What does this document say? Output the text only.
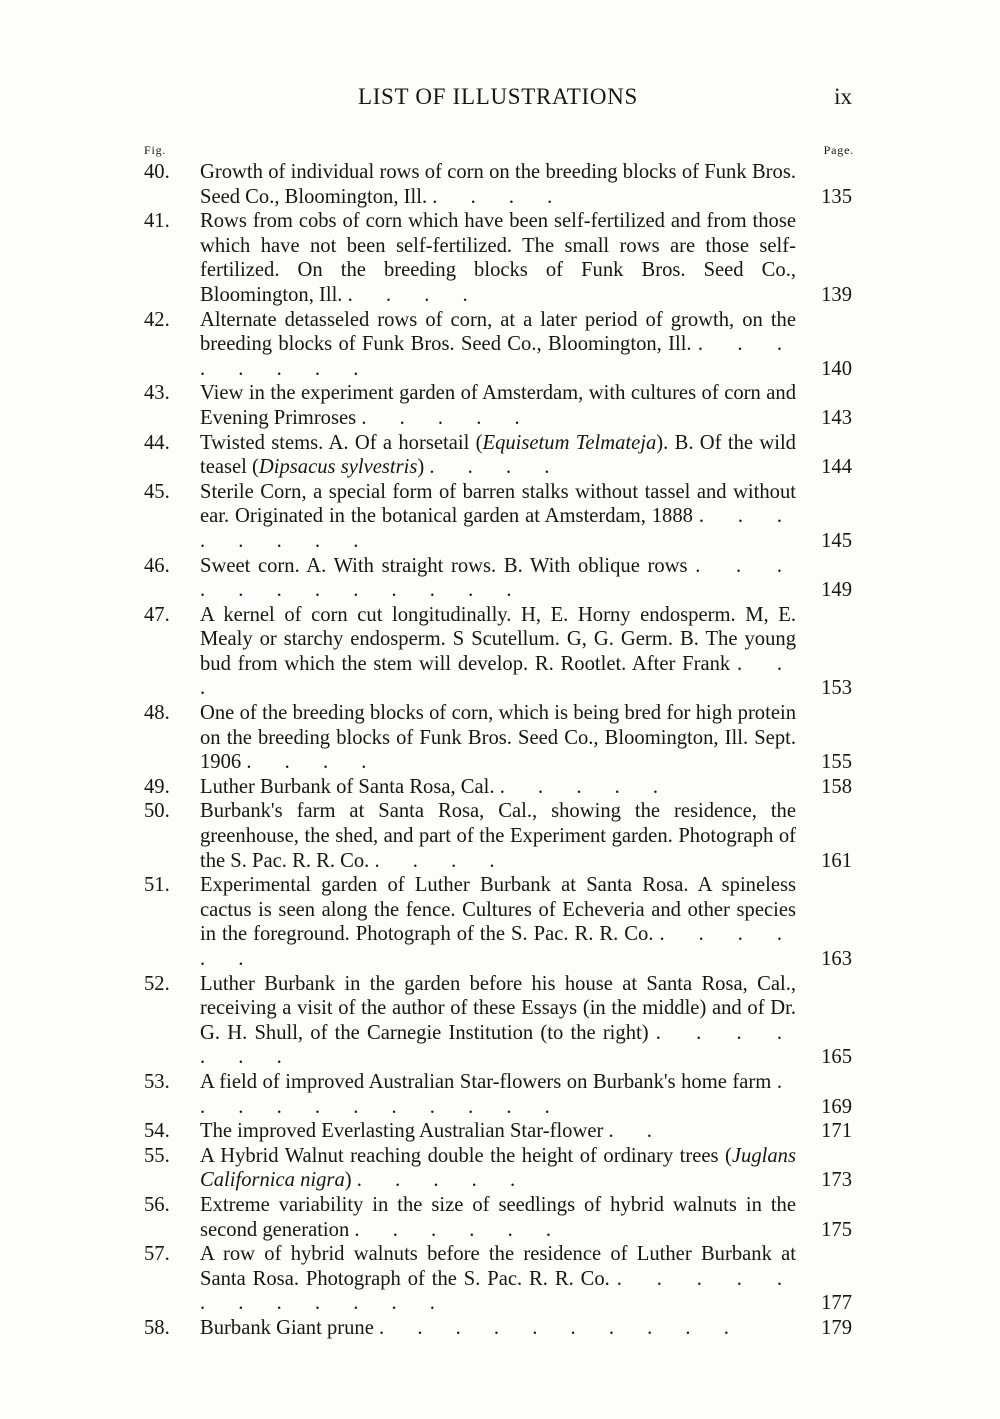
LIST OF ILLUSTRATIONS	ix
Fig.	Page.
40. Growth of individual rows of corn on the breeding blocks of Funk Bros. Seed Co., Bloomington, Ill. . . . .	135
41. Rows from cobs of corn which have been self-fertilized and from those which have not been self-fertilized. The small rows are those self-fertilized. On the breeding blocks of Funk Bros. Seed Co., Bloomington, Ill. . . . .	139
42. Alternate detasseled rows of corn, at a later period of growth, on the breeding blocks of Funk Bros. Seed Co., Bloomington, Ill. . . . . . . . .	140
43. View in the experiment garden of Amsterdam, with cultures of corn and Evening Primroses . . . . .	143
44. Twisted stems. A. Of a horsetail (Equisetum Telmateja). B. Of the wild teasel (Dipsacus sylvestris) . . . .	144
45. Sterile Corn, a special form of barren stalks without tassel and without ear. Originated in the botanical garden at Amsterdam, 1888 . . . . . . . .	145
46. Sweet corn. A. With straight rows. B. With oblique rows . . . . . . . . . . . .	149
47. A kernel of corn cut longitudinally. H, E. Horny endosperm. M, E. Mealy or starchy endosperm. S Scutellum. G, G. Germ. B. The young bud from which the stem will develop. R. Rootlet. After Frank . . .	153
48. One of the breeding blocks of corn, which is being bred for high protein on the breeding blocks of Funk Bros. Seed Co., Bloomington, Ill. Sept. 1906 . . . .	155
49. Luther Burbank of Santa Rosa, Cal. . . . . .	158
50. Burbank's farm at Santa Rosa, Cal., showing the residence, the greenhouse, the shed, and part of the Experiment garden. Photograph of the S. Pac. R. R. Co. . . . .	161
51. Experimental garden of Luther Burbank at Santa Rosa. A spineless cactus is seen along the fence. Cultures of Echeveria and other species in the foreground. Photograph of the S. Pac. R. R. Co. . . . . . .	163
52. Luther Burbank in the garden before his house at Santa Rosa, Cal., receiving a visit of the author of these Essays (in the middle) and of Dr. G. H. Shull, of the Carnegie Institution (to the right) . . . . . . .	165
53. A field of improved Australian Star-flowers on Burbank's home farm . . . . . . . . . . .	169
54. The improved Everlasting Australian Star-flower . .	171
55. A Hybrid Walnut reaching double the height of ordinary trees (Juglans Californica nigra) . . . . .	173
56. Extreme variability in the size of seedlings of hybrid walnuts in the second generation . . . . . .	175
57. A row of hybrid walnuts before the residence of Luther Burbank at Santa Rosa. Photograph of the S. Pac. R. R. Co. . . . . . . . . . . . .	177
58. Burbank Giant prune . . . . . . . . . .	179
